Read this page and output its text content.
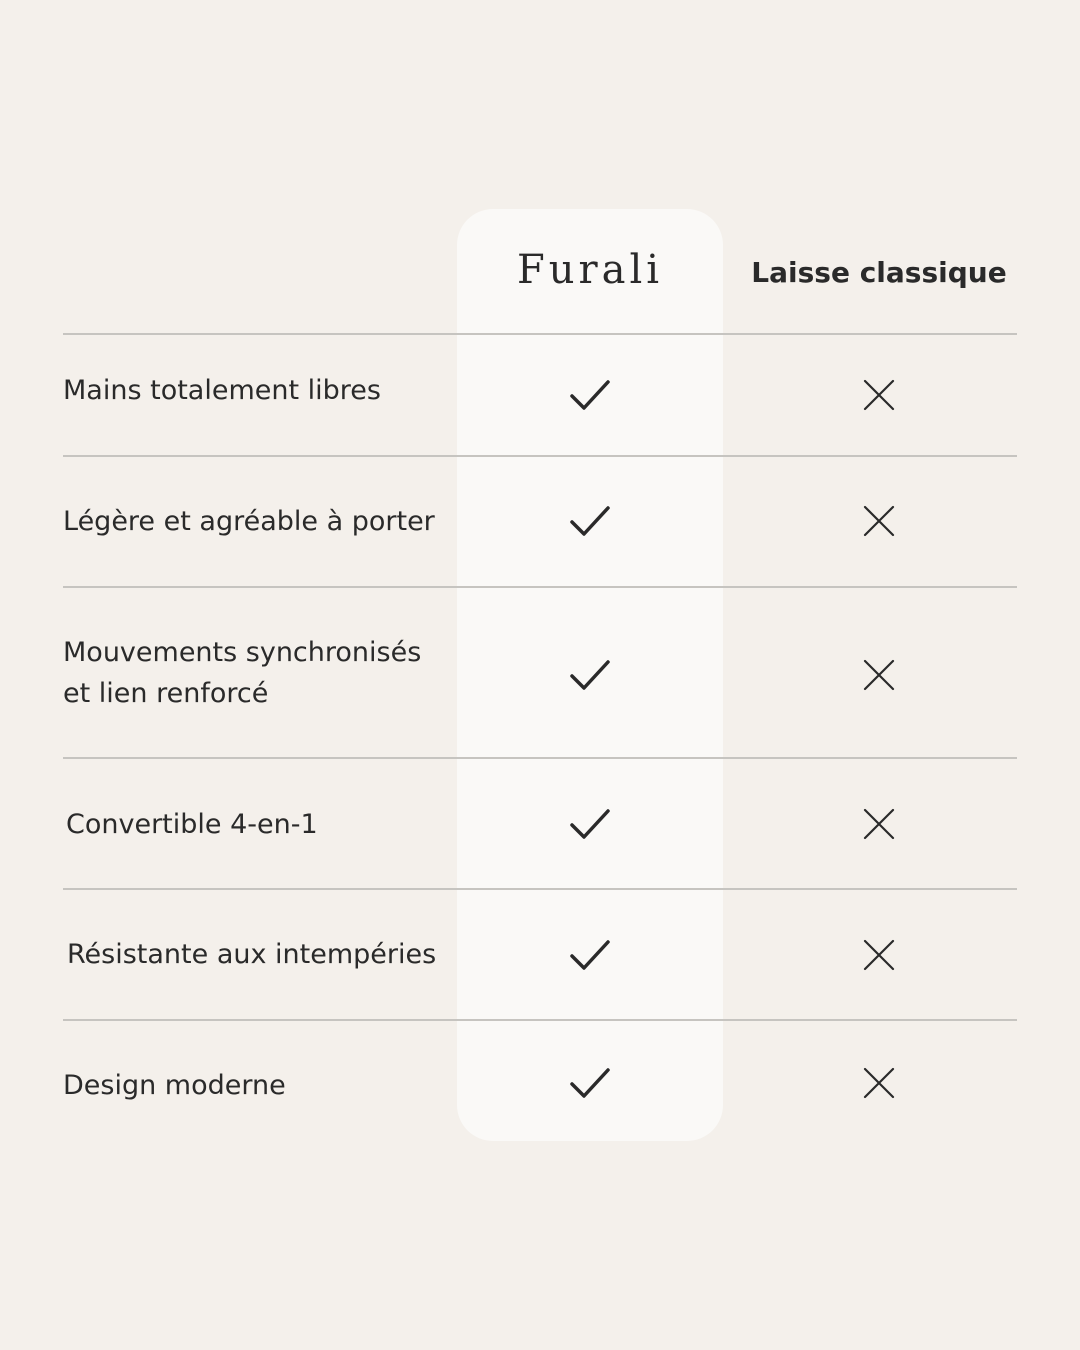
Furali	Laisse classique
Mains totalement libres
Légère et agréable à porter
Mouvements synchronisés et lien renforcé
Convertible 4-en-1
Résistante aux intempéries
Design moderne
